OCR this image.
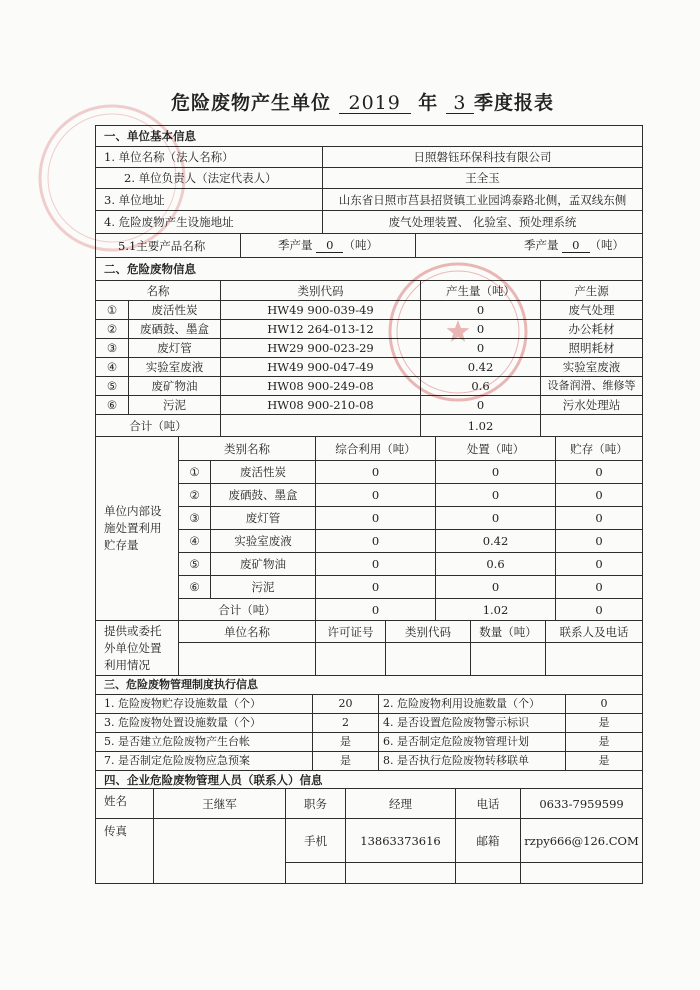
危险废物产生单位 2019 年 3 季度报表
一、单位基本信息			
1. 单位名称（法人名称）		日照磐钰环保科技有限公司	
2. 单位负责人（法定代表人）		王全玉	
3. 单位地址		山东省日照市莒县招贤镇工业园鸿泰路北侧，孟双线东侧	
4. 危险废物产生设施地址		废气处理装置、 化验室、预处理系统	
5.1主要产品名称	季产量 0 （吨）		季产量 0 （吨）
二、危险废物信息				
名称		类别代码	产生量（吨）	产生源
①	废活性炭	HW49 900-039-49	0	废气处理
②	废硒鼓、墨盒	HW12 264-013-12	0	办公耗材
③	废灯管	HW29 900-023-29	0	照明耗材
④	实验室废液	HW49 900-047-49	0.42	实验室废液
⑤	废矿物油	HW08 900-249-08	0.6	设备润滑、维修等
⑥	污泥	HW08 900-210-08	0	污水处理站
合计（吨）			1.02	
单位内部设施处置利用贮存量	类别名称		综合利用（吨）	处置（吨）	贮存（吨）
	①	废活性炭	0	0	0
	②	废硒鼓、墨盒	0	0	0
	③	废灯管	0	0	0
	④	实验室废液	0	0.42	0
	⑤	废矿物油	0	0.6	0
	⑥	污泥	0	0	0
	合计（吨）		0	1.02	0
提供或委托外单位处置利用情况	单位名称	许可证号	类别代码	数量（吨）	联系人及电话

三、危险废物管理制度执行信息			
1. 危险废物贮存设施数量（个）	20	2. 危险废物利用设施数量（个）	0
3. 危险废物处置设施数量（个）	2	4. 是否设置危险废物警示标识	是
5. 是否建立危险废物产生台帐	是	6. 是否制定危险废物管理计划	是
7. 是否制定危险废物应急预案	是	8. 是否执行危险废物转移联单	是
四、企业危险废物管理人员（联系人）信息					
姓名	王继军	职务	经理	电话	0633-7959599
传真		手机	13863373616	邮箱	rzpy666@126.COM
